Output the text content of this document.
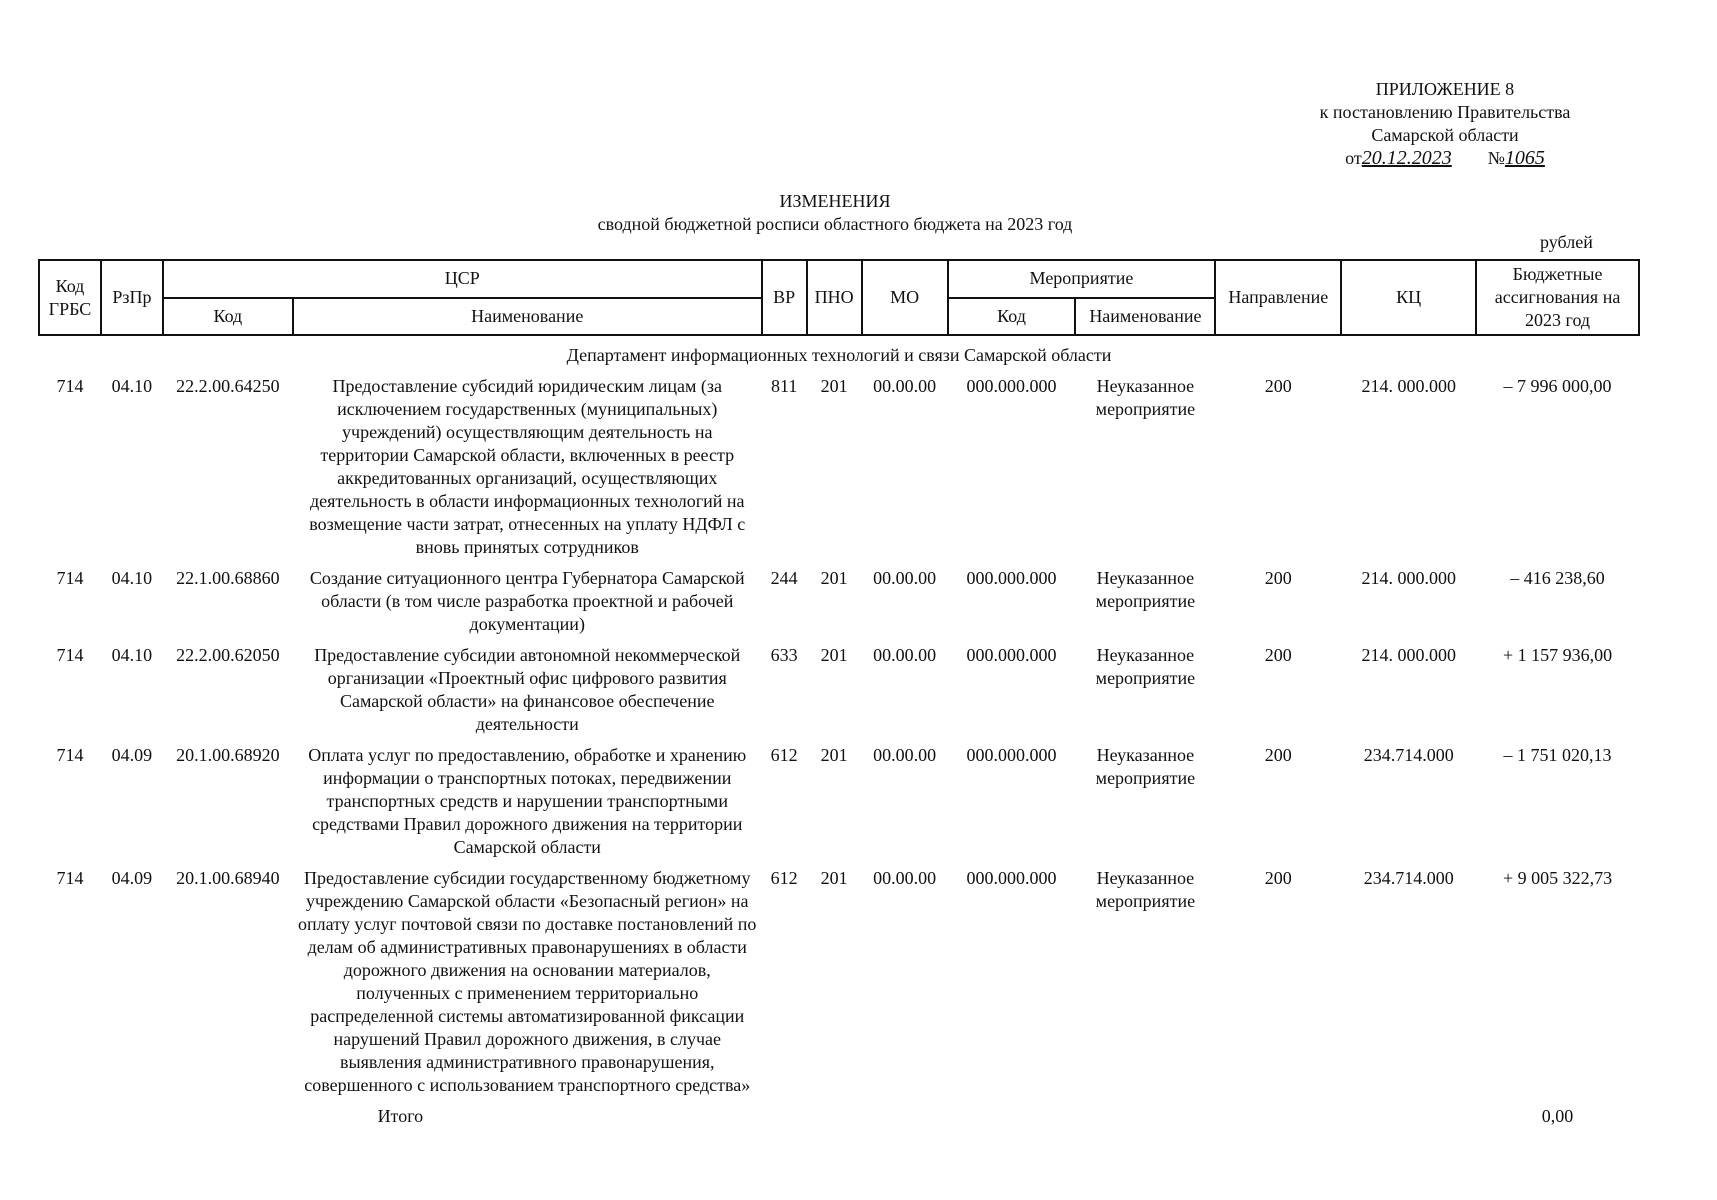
ПРИЛОЖЕНИЕ 8
к постановлению Правительства
Самарской области
от20.12.2023 №1065
ИЗМЕНЕНИЯ
сводной бюджетной росписи областного бюджета на 2023 год
рублей
Код ГРБС	РзПр	ЦСР		ВР	ПНО	МО	Мероприятие		Направление	КЦ	Бюджетные ассигнования на 2023 год
		Код	Наименование				Код	Наименование			
Департамент информационных технологий и связи Самарской области											
714	04.10	22.2.00.64250	Предоставление субсидий юридическим лицам (за исключением государственных (муниципальных) учреждений) осуществляющим деятельность на территории Самарской области, включенных в реестр аккредитованных организаций, осуществляющих деятельность в области информационных технологий на возмещение части затрат, отнесенных на уплату НДФЛ с вновь принятых сотрудников	811	201	00.00.00	000.000.000	Неуказанное мероприятие	200	214. 000.000	– 7 996 000,00
714	04.10	22.1.00.68860	Создание ситуационного центра Губернатора Самарской области (в том числе разработка проектной и рабочей документации)	244	201	00.00.00	000.000.000	Неуказанное мероприятие	200	214. 000.000	– 416 238,60
714	04.10	22.2.00.62050	Предоставление субсидии автономной некоммерческой организации «Проектный офис цифрового развития Самарской области» на финансовое обеспечение деятельности	633	201	00.00.00	000.000.000	Неуказанное мероприятие	200	214. 000.000	+ 1 157 936,00
714	04.09	20.1.00.68920	Оплата услуг по предоставлению, обработке и хранению информации о транспортных потоках, передвижении транспортных средств и нарушении транспортными средствами Правил дорожного движения на территории Самарской области	612	201	00.00.00	000.000.000	Неуказанное мероприятие	200	234.714.000	– 1 751 020,13
714	04.09	20.1.00.68940	Предоставление субсидии государственному бюджетному учреждению Самарской области «Безопасный регион» на оплату услуг почтовой связи по доставке постановлений по делам об административных правонарушениях в области дорожного движения на основании материалов, полученных с применением территориально распределенной системы автоматизированной фиксации нарушений Правил дорожного движения, в случае выявления административного правонарушения, совершенного с использованием транспортного средства»	612	201	00.00.00	000.000.000	Неуказанное мероприятие	200	234.714.000	+ 9 005 322,73
Итого											0,00
